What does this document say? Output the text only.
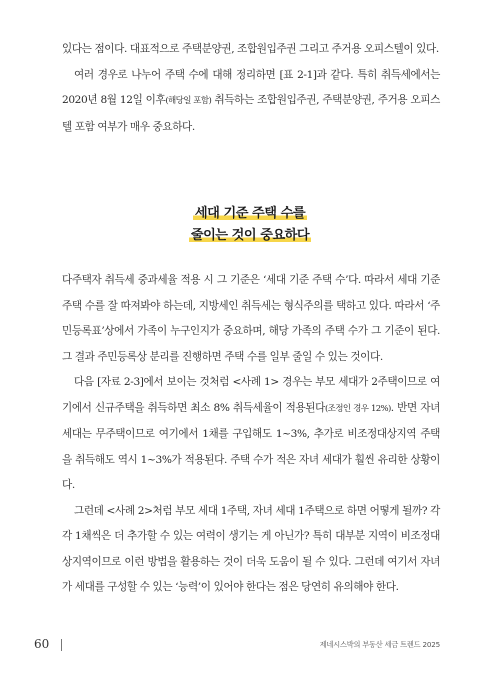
있다는 점이다. 대표적으로 주택분양권, 조합원입주권 그리고 주거용 오피스텔이 있다.

여러 경우로 나누어 주택 수에 대해 정리하면 [표 2-1]과 같다. 특히 취득세에서는 2020년 8월 12일 이후(해당일 포함) 취득하는 조합원입주권, 주택분양권, 주거용 오피스텔 포함 여부가 매우 중요하다.

세대 기준 주택 수를
줄이는 것이 중요하다

다주택자 취득세 중과세율 적용 시 그 기준은 ‘세대 기준 주택 수’다. 따라서 세대 기준 주택 수를 잘 따져봐야 하는데, 지방세인 취득세는 형식주의를 택하고 있다. 따라서 ‘주민등록표’상에서 가족이 누구인지가 중요하며, 해당 가족의 주택 수가 그 기준이 된다. 그 결과 주민등록상 분리를 진행하면 주택 수를 일부 줄일 수 있는 것이다.

다음 [자료 2-3]에서 보이는 것처럼 <사례 1> 경우는 부모 세대가 2주택이므로 여기에서 신규주택을 취득하면 최소 8% 취득세율이 적용된다(조정인 경우 12%). 반면 자녀 세대는 무주택이므로 여기에서 1채를 구입해도 1~3%, 추가로 비조정대상지역 주택을 취득해도 역시 1~3%가 적용된다. 주택 수가 적은 자녀 세대가 훨씬 유리한 상황이다.

그런데 <사례 2>처럼 부모 세대 1주택, 자녀 세대 1주택으로 하면 어떻게 될까? 각각 1채씩은 더 추가할 수 있는 여력이 생기는 게 아닌가? 특히 대부분 지역이 비조정대상지역이므로 이런 방법을 활용하는 것이 더욱 도움이 될 수 있다. 그런데 여기서 자녀가 세대를 구성할 수 있는 ‘능력’이 있어야 한다는 점은 당연히 유의해야 한다.

60	제네시스박의 부동산 세금 트렌드 2025
